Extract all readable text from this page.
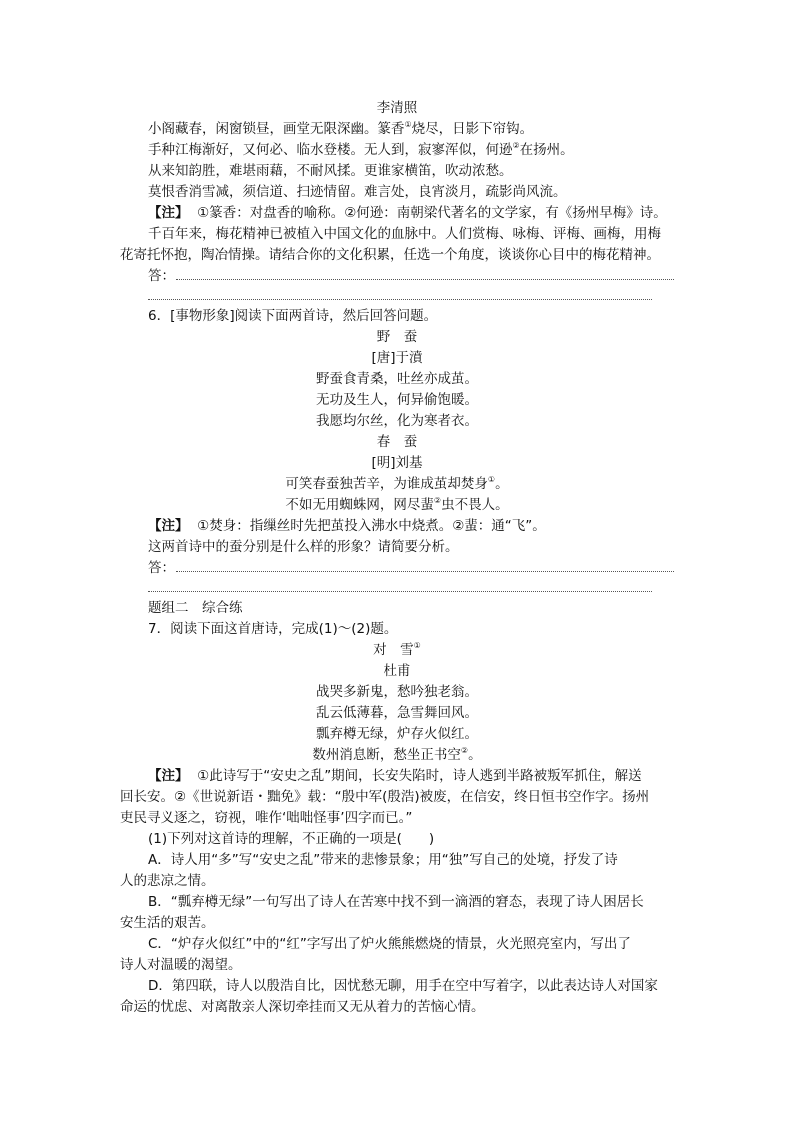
李清照
小阁藏春，闲窗锁昼，画堂无限深幽。篆香①烧尽，日影下帘钩。
手种江梅渐好，又何必、临水登楼。无人到，寂寥浑似，何逊②在扬州。
从来知韵胜，难堪雨藉，不耐风揉。更谁家横笛，吹动浓愁。
莫恨香消雪减，须信道、扫迹情留。难言处，良宵淡月，疏影尚风流。
【注】 ①篆香：对盘香的喻称。②何逊：南朝梁代著名的文学家，有《扬州早梅》诗。
千百年来，梅花精神已被植入中国文化的血脉中。人们赏梅、咏梅、评梅、画梅，用梅
花寄托怀抱，陶冶情操。请结合你的文化积累，任选一个角度，谈谈你心目中的梅花精神。
答：
6．[事物形象]阅读下面两首诗，然后回答问题。
野　蚕
[唐]于濆
野蚕食青桑，吐丝亦成茧。
无功及生人，何异偷饱暖。
我愿均尔丝，化为寒者衣。
春　蚕
[明]刘基
可笑春蚕独苦辛，为谁成茧却焚身①。
不如无用蜘蛛网，网尽蜚②虫不畏人。
【注】 ①焚身：指缫丝时先把茧投入沸水中烧煮。②蜚：通“飞”。
这两首诗中的蚕分别是什么样的形象？请简要分析。
答：
题组二　综合练
7．阅读下面这首唐诗，完成(1)～(2)题。
对　雪①
杜甫
战哭多新鬼，愁吟独老翁。
乱云低薄暮，急雪舞回风。
瓢弃樽无绿，炉存火似红。
数州消息断，愁坐正书空②。
【注】 ①此诗写于“安史之乱”期间，长安失陷时，诗人逃到半路被叛军抓住，解送
回长安。②《世说新语・黜免》载：“殷中军(殷浩)被废，在信安，终日恒书空作字。扬州
吏民寻义逐之，窃视，唯作‘咄咄怪事’四字而已。”
(1)下列对这首诗的理解，不正确的一项是(　　)
A．诗人用“多”写“安史之乱”带来的悲惨景象；用“独”写自己的处境，抒发了诗
人的悲凉之情。
B．“瓢弃樽无绿”一句写出了诗人在苦寒中找不到一滴酒的窘态，表现了诗人困居长
安生活的艰苦。
C．“炉存火似红”中的“红”字写出了炉火熊熊燃烧的情景，火光照亮室内，写出了
诗人对温暖的渴望。
D．第四联，诗人以殷浩自比，因忧愁无聊，用手在空中写着字，以此表达诗人对国家
命运的忧虑、对离散亲人深切牵挂而又无从着力的苦恼心情。
